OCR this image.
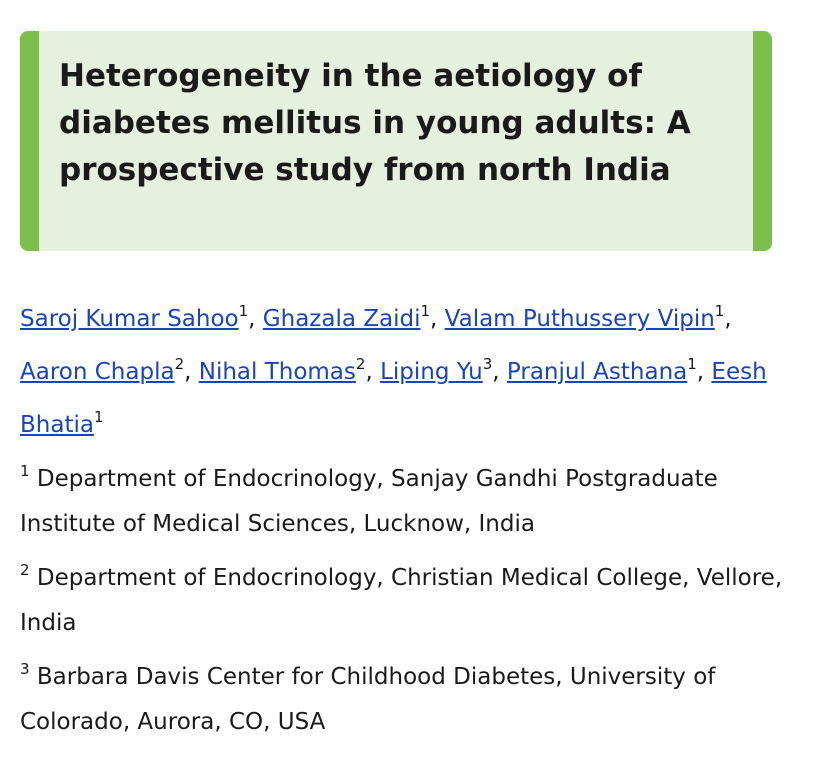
Heterogeneity in the aetiology of diabetes mellitus in young adults: A prospective study from north India

Saroj Kumar Sahoo$^1$, Ghazala Zaidi$^1$, Valam Puthussery Vipin$^1$, Aaron Chapla$^2$, Nihal Thomas$^2$, Liping Yu$^3$, Pranjul Asthana$^1$, Eesh Bhatia$^1$

$^1$ Department of Endocrinology, Sanjay Gandhi Postgraduate Institute of Medical Sciences, Lucknow, India

$^2$ Department of Endocrinology, Christian Medical College, Vellore, India

$^3$ Barbara Davis Center for Childhood Diabetes, University of Colorado, Aurora, CO, USA
